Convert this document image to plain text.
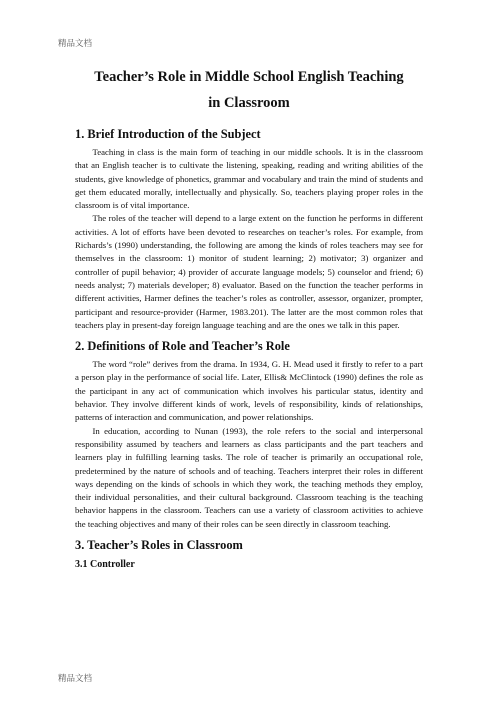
精品文档
Teacher’s Role in Middle School English Teaching
in Classroom
1. Brief Introduction of the Subject

Teaching in class is the main form of teaching in our middle schools. It is in the classroom that an English teacher is to cultivate the listening, speaking, reading and writing abilities of the students, give knowledge of phonetics, grammar and vocabulary and train the mind of students and get them educated morally, intellectually and physically. So, teachers playing proper roles in the classroom is of vital importance.

The roles of the teacher will depend to a large extent on the function he performs in different activities. A lot of efforts have been devoted to researches on teacher’s roles. For example, from Richards’s (1990) understanding, the following are among the kinds of roles teachers may see for themselves in the classroom: 1) monitor of student learning; 2) motivator; 3) organizer and controller of pupil behavior; 4) provider of accurate language models; 5) counselor and friend; 6) needs analyst; 7) materials developer; 8) evaluator. Based on the function the teacher performs in different activities, Harmer defines the teacher’s roles as controller, assessor, organizer, prompter, participant and resource-provider (Harmer, 1983.201). The latter are the most common roles that teachers play in present-day foreign language teaching and are the ones we talk in this paper.

2. Definitions of Role and Teacher’s Role

The word “role” derives from the drama. In 1934, G. H. Mead used it firstly to refer to a part a person play in the performance of social life. Later, Ellis& McClintock (1990) defines the role as the participant in any act of communication which involves his particular status, identity and behavior. They involve different kinds of work, levels of responsibility, kinds of relationships, patterns of interaction and communication, and power relationships.

In education, according to Nunan (1993), the role refers to the social and interpersonal responsibility assumed by teachers and learners as class participants and the part teachers and learners play in fulfilling learning tasks. The role of teacher is primarily an occupational role, predetermined by the nature of schools and of teaching. Teachers interpret their roles in different ways depending on the kinds of schools in which they work, the teaching methods they employ, their individual personalities, and their cultural background. Classroom teaching is the teaching behavior happens in the classroom. Teachers can use a variety of classroom activities to achieve the teaching objectives and many of their roles can be seen directly in classroom teaching.

3. Teacher’s Roles in Classroom
3.1 Controller
精品文档
